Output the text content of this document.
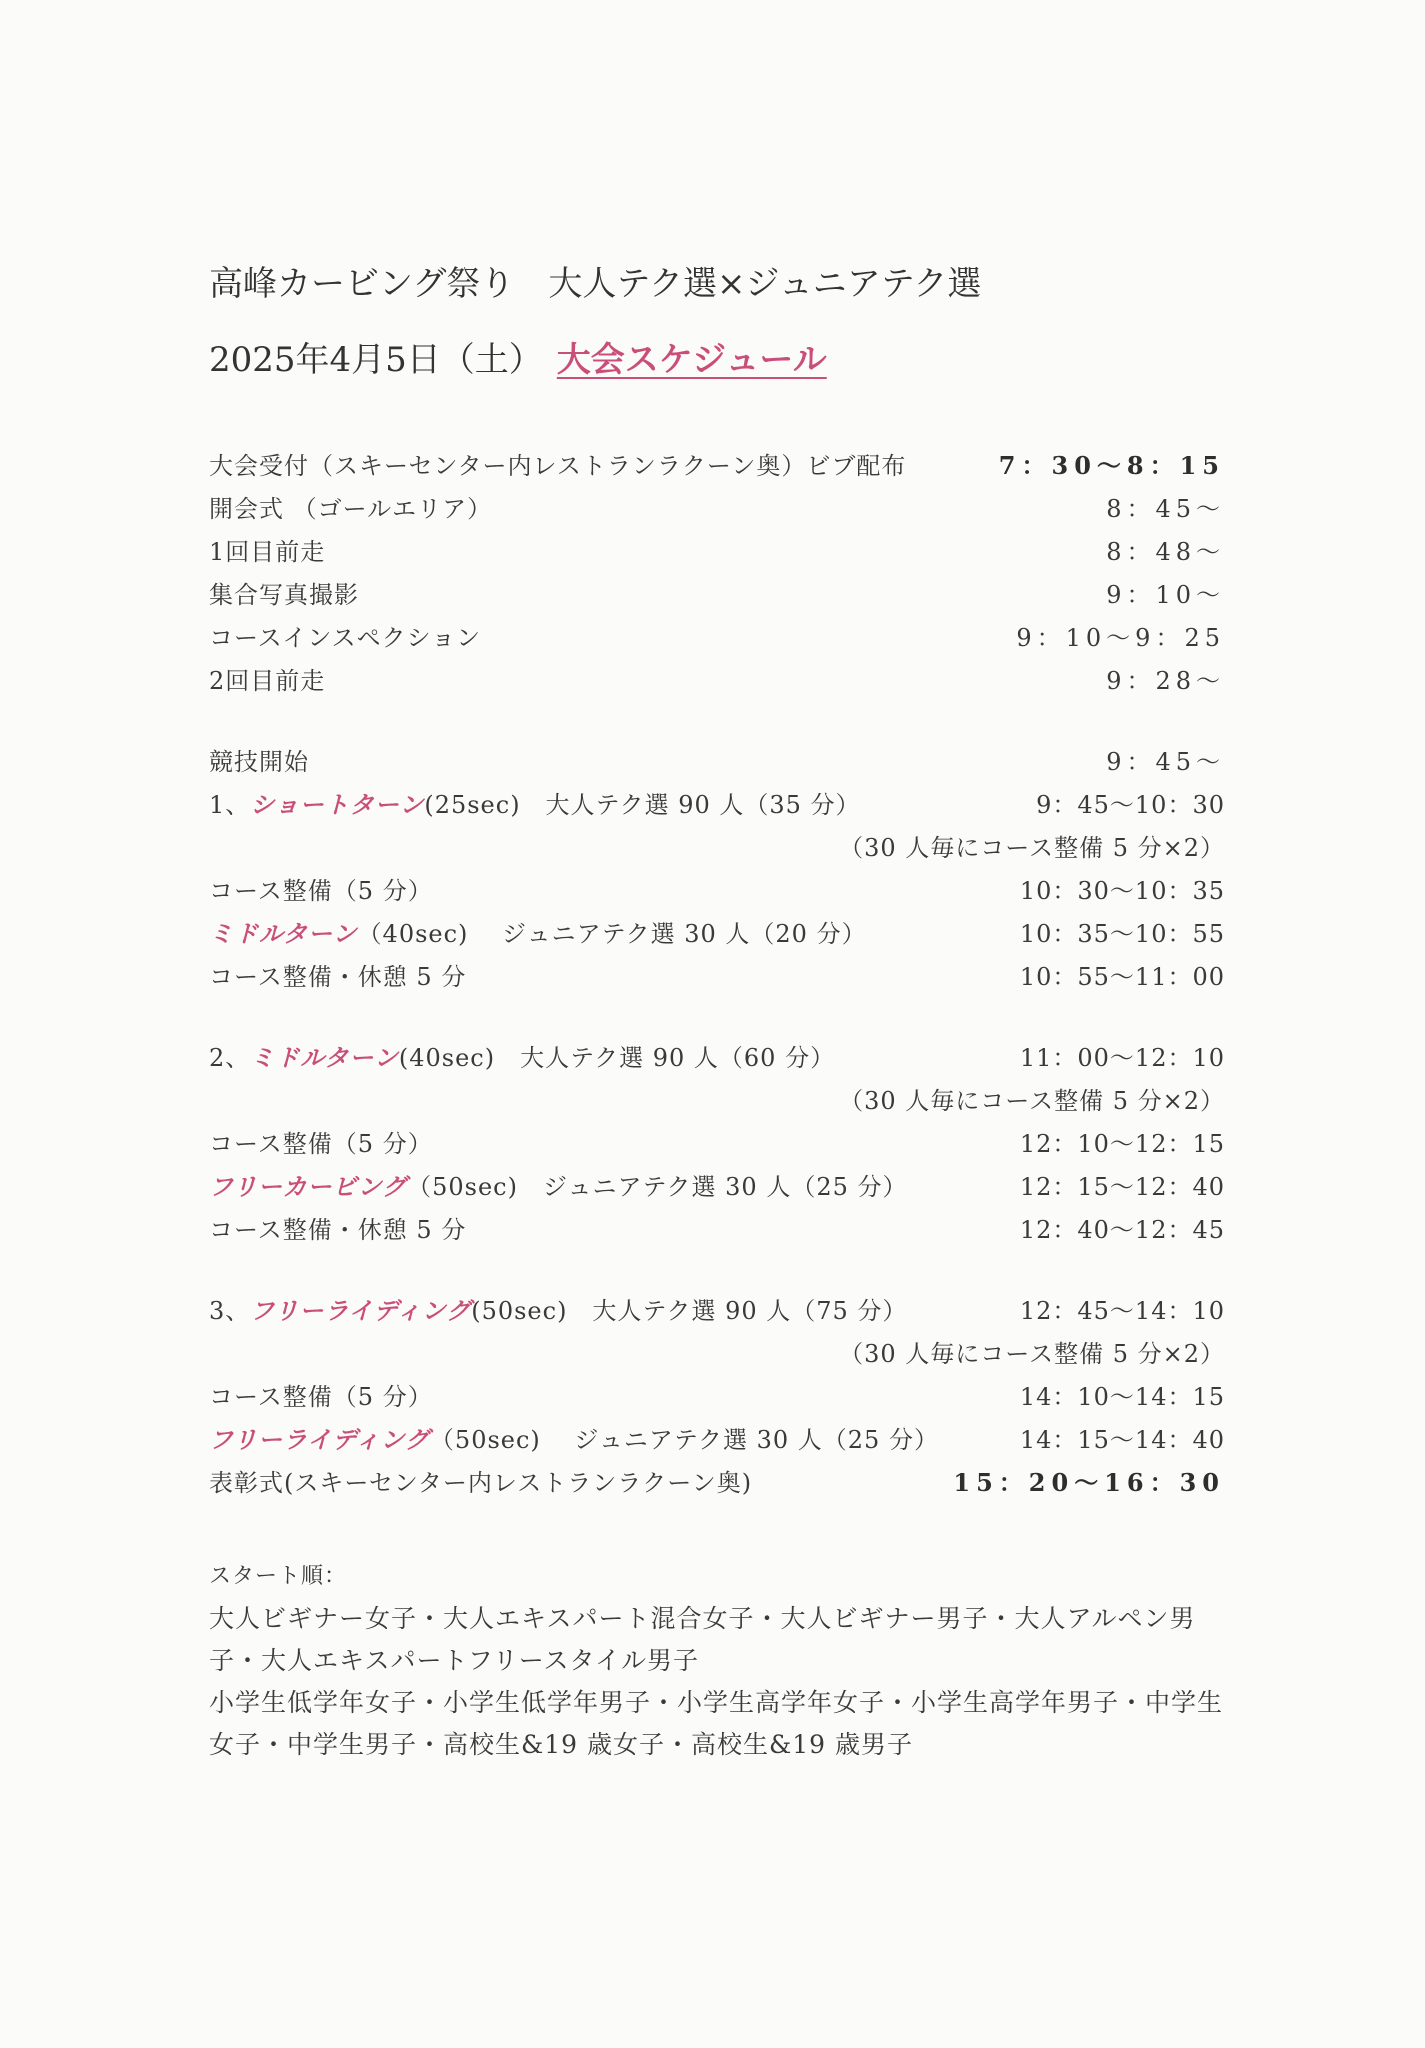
高峰カービング祭り　大人テク選×ジュニアテク選
2025年4月5日（土） 大会スケジュール
大会受付（スキーセンター内レストランラクーン奥）ビブ配布	7：30～8：15
開会式 （ゴールエリア）	8：45～
1回目前走	8：48～
集合写真撮影	9：10～
コースインスペクション	9：10～9：25
2回目前走	9：28～
競技開始	9：45～
1、ショートターン(25sec)　大人テク選 90 人（35 分）	9：45～10：30
（30 人毎にコース整備 5 分×2）
コース整備（5 分）	10：30～10：35
ミドルターン（40sec)　 ジュニアテク選 30 人（20 分）	10：35～10：55
コース整備・休憩 5 分	10：55～11：00
2、ミドルターン(40sec)　大人テク選 90 人（60 分）	11：00～12：10
（30 人毎にコース整備 5 分×2）
コース整備（5 分）	12：10～12：15
フリーカービング（50sec)　ジュニアテク選 30 人（25 分）	12：15～12：40
コース整備・休憩 5 分	12：40～12：45
3、フリーライディング(50sec)　大人テク選 90 人（75 分）	12：45～14：10
（30 人毎にコース整備 5 分×2）
コース整備（5 分）	14：10～14：15
フリーライディング（50sec)　 ジュニアテク選 30 人（25 分）	14：15～14：40
表彰式(スキーセンター内レストランラクーン奥)	15：20～16：30
スタート順：

大人ビギナー女子・大人エキスパート混合女子・大人ビギナー男子・大人アルペン男子・大人エキスパートフリースタイル男子

小学生低学年女子・小学生低学年男子・小学生高学年女子・小学生高学年男子・中学生女子・中学生男子・高校生&19 歳女子・高校生&19 歳男子
